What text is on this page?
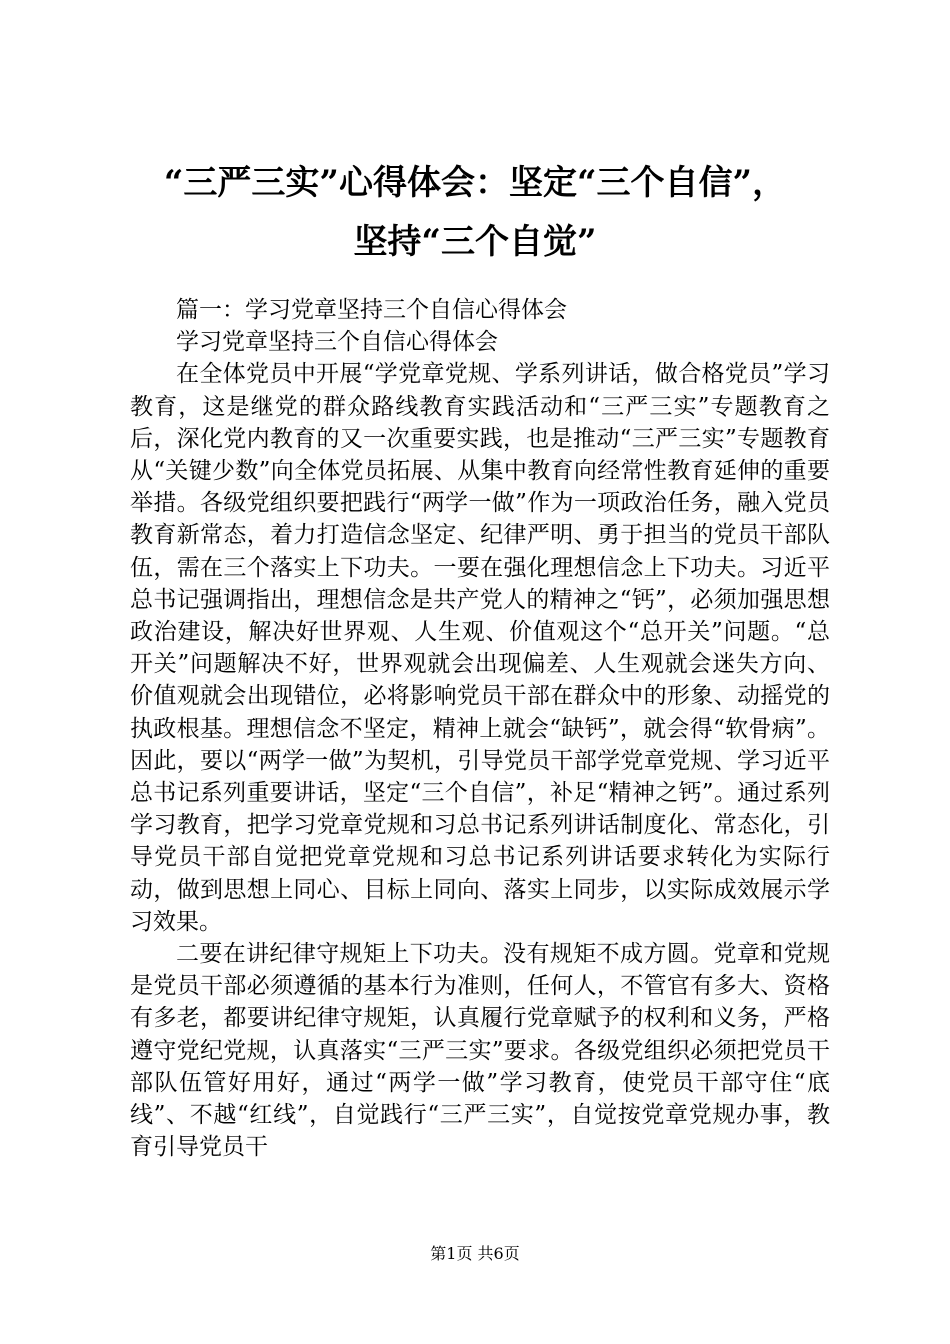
“三严三实”心得体会：坚定“三个自信”，
坚持“三个自觉”

篇一：学习党章坚持三个自信心得体会

学习党章坚持三个自信心得体会

在全体党员中开展“学党章党规、学系列讲话，做合格党员”学习教育，这是继党的群众路线教育实践活动和“三严三实”专题教育之后，深化党内教育的又一次重要实践，也是推动“三严三实”专题教育从“关键少数”向全体党员拓展、从集中教育向经常性教育延伸的重要举措。各级党组织要把践行“两学一做”作为一项政治任务，融入党员教育新常态，着力打造信念坚定、纪律严明、勇于担当的党员干部队伍，需在三个落实上下功夫。一要在强化理想信念上下功夫。习近平总书记强调指出，理想信念是共产党人的精神之“钙”，必须加强思想政治建设，解决好世界观、人生观、价值观这个“总开关”问题。“总开关”问题解决不好，世界观就会出现偏差、人生观就会迷失方向、价值观就会出现错位，必将影响党员干部在群众中的形象、动摇党的执政根基。理想信念不坚定，精神上就会“缺钙”，就会得“软骨病”。因此，要以“两学一做”为契机，引导党员干部学党章党规、学习近平总书记系列重要讲话，坚定“三个自信”，补足“精神之钙”。通过系列学习教育，把学习党章党规和习总书记系列讲话制度化、常态化，引导党员干部自觉把党章党规和习总书记系列讲话要求转化为实际行动，做到思想上同心、目标上同向、落实上同步，以实际成效展示学习效果。

二要在讲纪律守规矩上下功夫。没有规矩不成方圆。党章和党规是党员干部必须遵循的基本行为准则，任何人，不管官有多大、资格有多老，都要讲纪律守规矩，认真履行党章赋予的权利和义务，严格遵守党纪党规，认真落实“三严三实”要求。各级党组织必须把党员干部队伍管好用好，通过“两学一做”学习教育，使党员干部守住“底线”、不越“红线”，自觉践行“三严三实”，自觉按党章党规办事，教育引导党员干

第1页 共6页
